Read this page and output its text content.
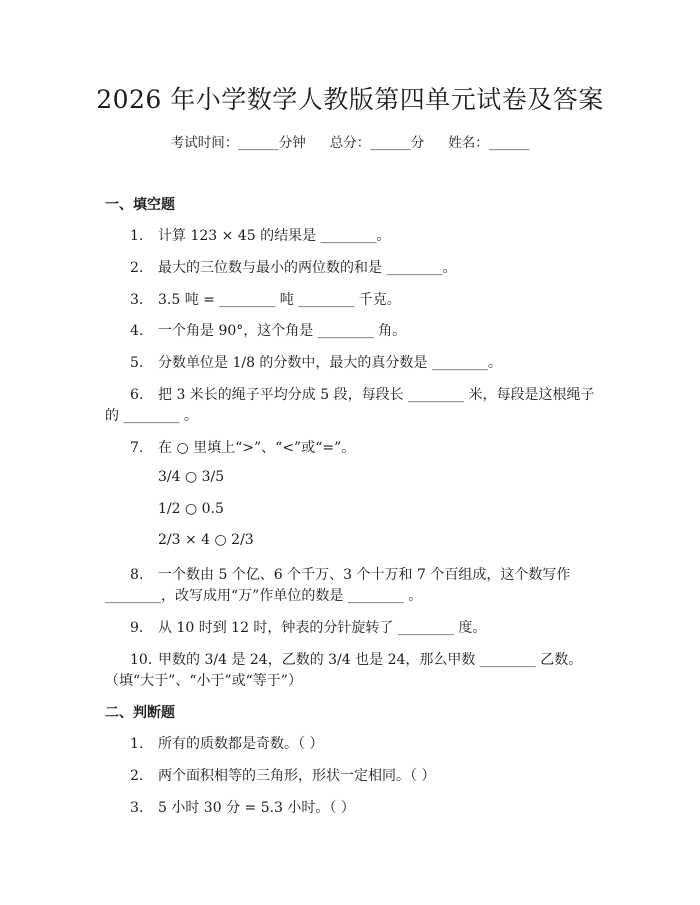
2026 年小学数学人教版第四单元试卷及答案
考试时间：______分钟 总分：______分 姓名：______
一、填空题
1. 计算 123 × 45 的结果是 ________。
2. 最大的三位数与最小的两位数的和是 ________。
3. 3.5 吨 = ________ 吨 ________ 千克。
4. 一个角是 90°，这个角是 ________ 角。
5. 分数单位是 1/8 的分数中，最大的真分数是 ________。
6. 把 3 米长的绳子平均分成 5 段，每段长 ________ 米，每段是这根绳子
的 ________ 。
7. 在 ○ 里填上“>”、“<”或“=”。
3/4 ○ 3/5
1/2 ○ 0.5
2/3 × 4 ○ 2/3
8. 一个数由 5 个亿、6 个千万、3 个十万和 7 个百组成，这个数写作
________，改写成用“万”作单位的数是 ________ 。
9. 从 10 时到 12 时，钟表的分针旋转了 ________ 度。
10. 甲数的 3/4 是 24，乙数的 3/4 也是 24，那么甲数 ________ 乙数。
（填“大于”、“小于”或“等于”）
二、判断题
1. 所有的质数都是奇数。（ ）
2. 两个面积相等的三角形，形状一定相同。（ ）
3. 5 小时 30 分 = 5.3 小时。（ ）
